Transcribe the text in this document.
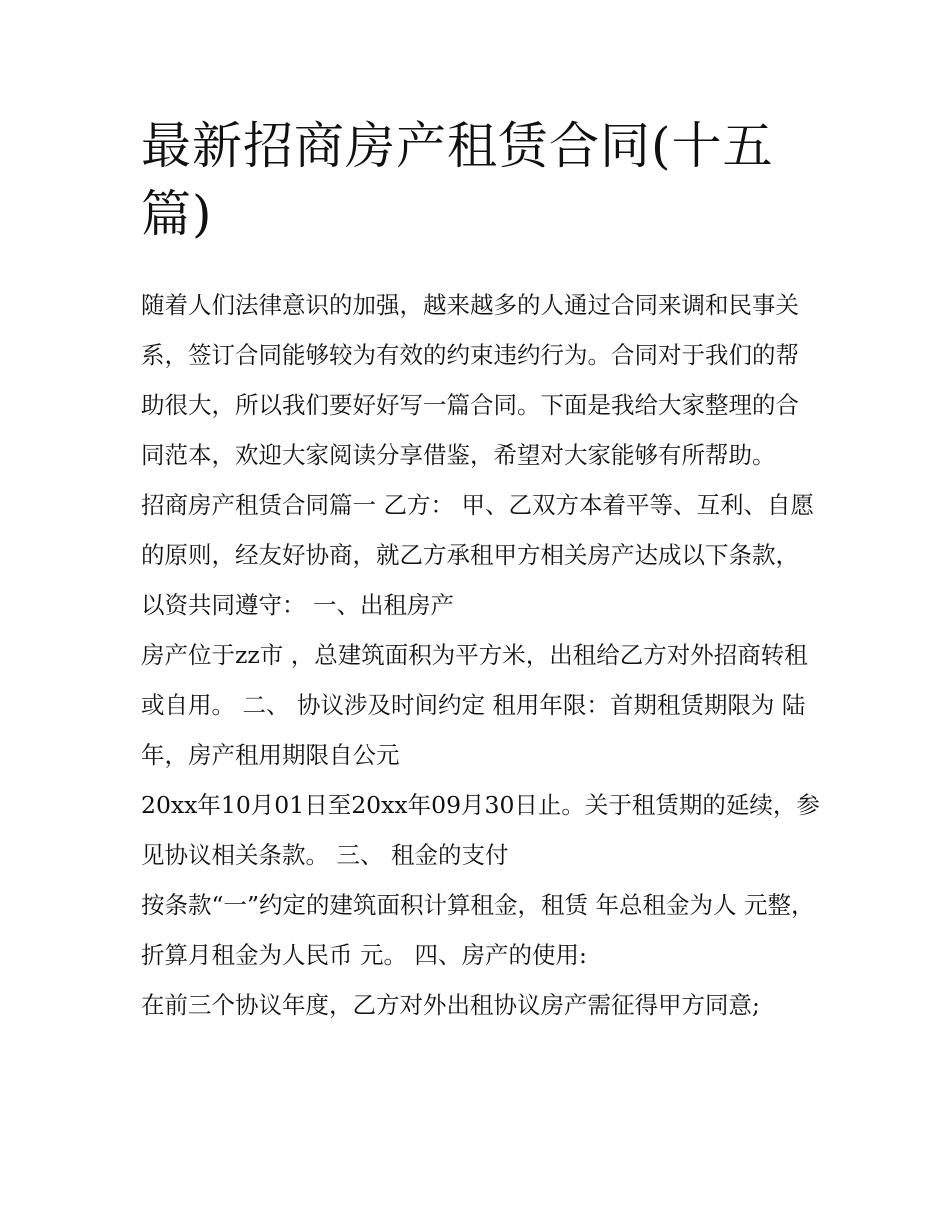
最新招商房产租赁合同(十五篇)

随着人们法律意识的加强，越来越多的人通过合同来调和民事关系，签订合同能够较为有效的约束违约行为。合同对于我们的帮助很大，所以我们要好好写一篇合同。下面是我给大家整理的合同范本，欢迎大家阅读分享借鉴，希望对大家能够有所帮助。

招商房产租赁合同篇一 乙方： 甲、乙双方本着平等、互利、自愿的原则，经友好协商，就乙方承租甲方相关房产达成以下条款，以资共同遵守： 一、出租房产

房产位于zz市 ，总建筑面积为平方米，出租给乙方对外招商转租或自用。 二、 协议涉及时间约定 租用年限：首期租赁期限为 陆 年，房产租用期限自公元

20xx年10月01日至20xx年09月30日止。关于租赁期的延续，参见协议相关条款。 三、 租金的支付

按条款“一”约定的建筑面积计算租金，租赁 年总租金为人 元整，折算月租金为人民币 元。 四、房产的使用:

在前三个协议年度，乙方对外出租协议房产需征得甲方同意;
